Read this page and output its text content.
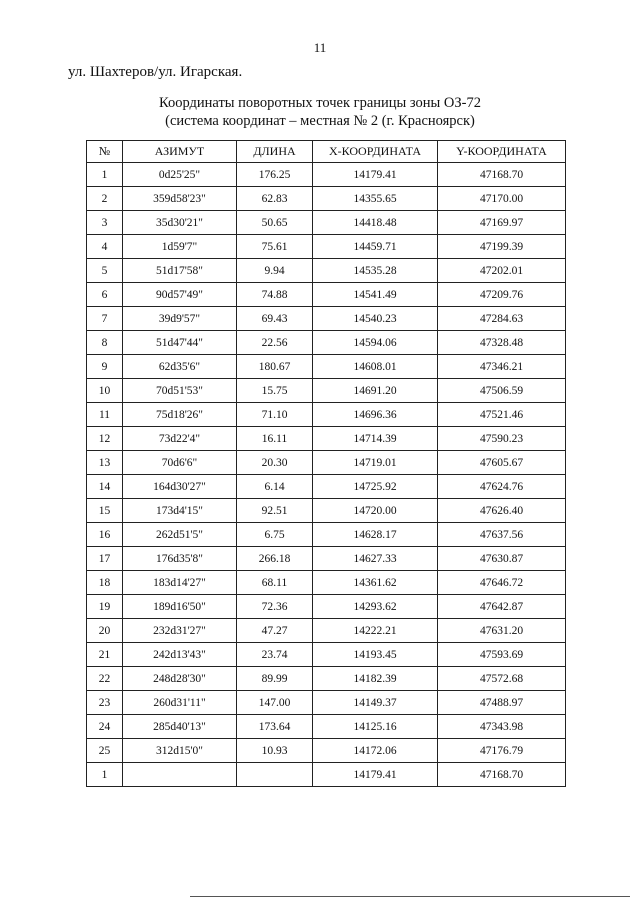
11
ул. Шахтеров/ул. Игарская.
Координаты поворотных точек границы зоны ОЗ-72
(система координат – местная № 2 (г. Красноярск)
№	АЗИМУТ	ДЛИНА	Х-КООРДИНАТА	Y-КООРДИНАТА
1	0d25'25"	176.25	14179.41	47168.70
2	359d58'23"	62.83	14355.65	47170.00
3	35d30'21"	50.65	14418.48	47169.97
4	1d59'7"	75.61	14459.71	47199.39
5	51d17'58"	9.94	14535.28	47202.01
6	90d57'49"	74.88	14541.49	47209.76
7	39d9'57"	69.43	14540.23	47284.63
8	51d47'44"	22.56	14594.06	47328.48
9	62d35'6"	180.67	14608.01	47346.21
10	70d51'53"	15.75	14691.20	47506.59
11	75d18'26"	71.10	14696.36	47521.46
12	73d22'4"	16.11	14714.39	47590.23
13	70d6'6"	20.30	14719.01	47605.67
14	164d30'27"	6.14	14725.92	47624.76
15	173d4'15"	92.51	14720.00	47626.40
16	262d51'5"	6.75	14628.17	47637.56
17	176d35'8"	266.18	14627.33	47630.87
18	183d14'27"	68.11	14361.62	47646.72
19	189d16'50"	72.36	14293.62	47642.87
20	232d31'27"	47.27	14222.21	47631.20
21	242d13'43"	23.74	14193.45	47593.69
22	248d28'30"	89.99	14182.39	47572.68
23	260d31'11"	147.00	14149.37	47488.97
24	285d40'13"	173.64	14125.16	47343.98
25	312d15'0"	10.93	14172.06	47176.79
1			14179.41	47168.70
